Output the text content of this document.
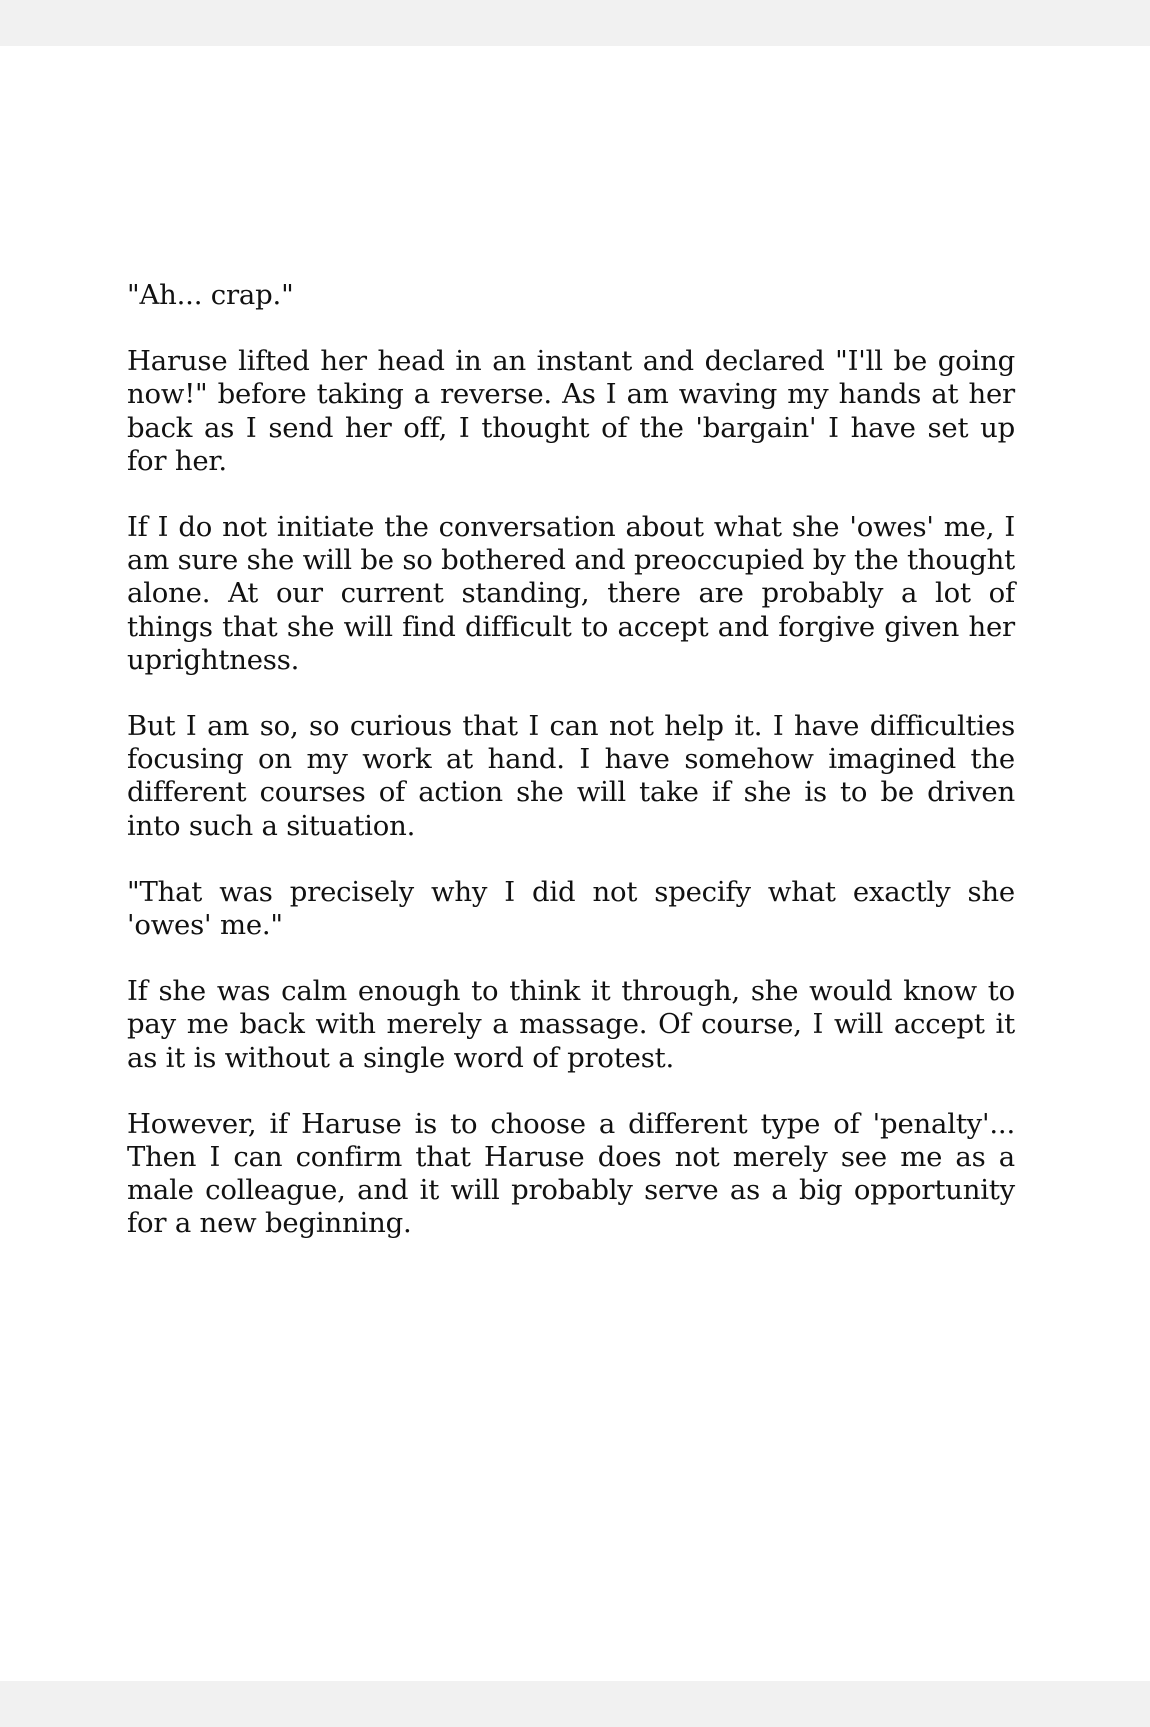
"Ah... crap."

Haruse lifted her head in an instant and declared "I'll be going now!" before taking a reverse. As I am waving my hands at her back as I send her off, I thought of the 'bargain' I have set up for her.

If I do not initiate the conversation about what she 'owes' me, I am sure she will be so bothered and preoccupied by the thought alone. At our current standing, there are probably a lot of things that she will find difficult to accept and forgive given her uprightness.

But I am so, so curious that I can not help it. I have difficulties focusing on my work at hand. I have somehow imagined the different courses of action she will take if she is to be driven into such a situation.

"That was precisely why I did not specify what exactly she 'owes' me."

If she was calm enough to think it through, she would know to pay me back with merely a massage. Of course, I will accept it as it is without a single word of protest.

However, if Haruse is to choose a different type of 'penalty'... Then I can confirm that Haruse does not merely see me as a male colleague, and it will probably serve as a big opportunity for a new beginning.
